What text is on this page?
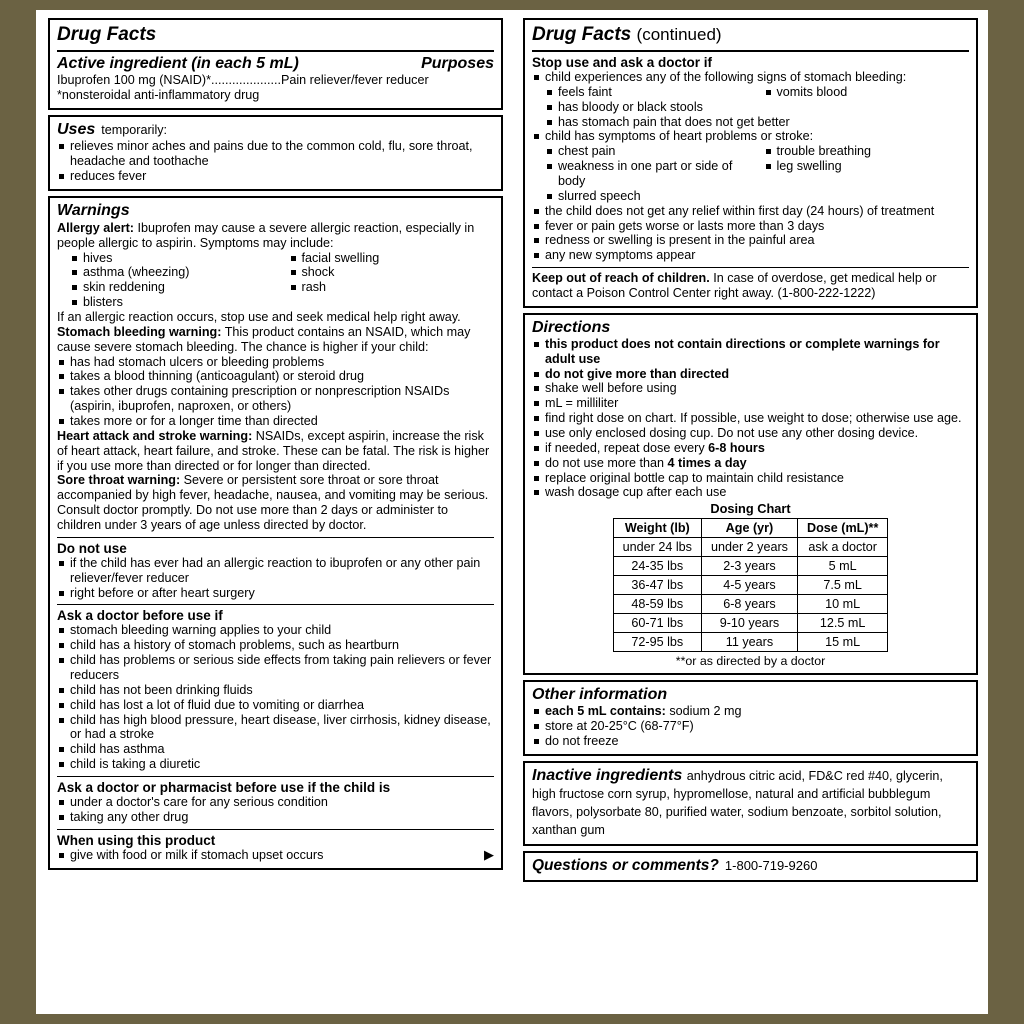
Drug Facts
Active ingredient (in each 5 mL)	Purposes
Ibuprofen 100 mg (NSAID)*....................Pain reliever/fever reducer
*nonsteroidal anti-inflammatory drug
Uses temporarily:
relieves minor aches and pains due to the common cold, flu, sore throat, headache and toothache
reduces fever
Warnings
Allergy alert: Ibuprofen may cause a severe allergic reaction, especially in people allergic to aspirin. Symptoms may include:
hives
asthma (wheezing)
skin reddening
blisters
facial swelling
shock
rash
If an allergic reaction occurs, stop use and seek medical help right away.
Stomach bleeding warning: This product contains an NSAID, which may cause severe stomach bleeding. The chance is higher if your child:
has had stomach ulcers or bleeding problems
takes a blood thinning (anticoagulant) or steroid drug
takes other drugs containing prescription or nonprescription NSAIDs (aspirin, ibuprofen, naproxen, or others)
takes more or for a longer time than directed
Heart attack and stroke warning: NSAIDs, except aspirin, increase the risk of heart attack, heart failure, and stroke. These can be fatal. The risk is higher if you use more than directed or for longer than directed.
Sore throat warning: Severe or persistent sore throat or sore throat accompanied by high fever, headache, nausea, and vomiting may be serious. Consult doctor promptly. Do not use more than 2 days or administer to children under 3 years of age unless directed by doctor.
Do not use
if the child has ever had an allergic reaction to ibuprofen or any other pain reliever/fever reducer
right before or after heart surgery
Ask a doctor before use if
stomach bleeding warning applies to your child
child has a history of stomach problems, such as heartburn
child has problems or serious side effects from taking pain relievers or fever reducers
child has not been drinking fluids
child has lost a lot of fluid due to vomiting or diarrhea
child has high blood pressure, heart disease, liver cirrhosis, kidney disease, or had a stroke
child has asthma
child is taking a diuretic
Ask a doctor or pharmacist before use if the child is
under a doctor's care for any serious condition
taking any other drug
When using this product
give with food or milk if stomach upset occurs	▶
Drug Facts (continued)
Stop use and ask a doctor if
child experiences any of the following signs of stomach bleeding:
feels faint	vomits blood
has bloody or black stools
has stomach pain that does not get better
child has symptoms of heart problems or stroke:
chest pain
weakness in one part or side of body
slurred speech
trouble breathing
leg swelling
the child does not get any relief within first day (24 hours) of treatment
fever or pain gets worse or lasts more than 3 days
redness or swelling is present in the painful area
any new symptoms appear
Keep out of reach of children. In case of overdose, get medical help or contact a Poison Control Center right away. (1-800-222-1222)
Directions
this product does not contain directions or complete warnings for adult use
do not give more than directed
shake well before using
mL = milliliter
find right dose on chart. If possible, use weight to dose; otherwise use age.
use only enclosed dosing cup. Do not use any other dosing device.
if needed, repeat dose every 6-8 hours
do not use more than 4 times a day
replace original bottle cap to maintain child resistance
wash dosage cup after each use
Dosing Chart
Weight (lb)	Age (yr)	Dose (mL)**
under 24 lbs	under 2 years	ask a doctor
24-35 lbs	2-3 years	5 mL
36-47 lbs	4-5 years	7.5 mL
48-59 lbs	6-8 years	10 mL
60-71 lbs	9-10 years	12.5 mL
72-95 lbs	11 years	15 mL
**or as directed by a doctor
Other information
each 5 mL contains: sodium 2 mg
store at 20-25°C (68-77°F)
do not freeze
Inactive ingredients anhydrous citric acid, FD&C red #40, glycerin, high fructose corn syrup, hypromellose, natural and artificial bubblegum flavors, polysorbate 80, purified water, sodium benzoate, sorbitol solution, xanthan gum
Questions or comments? 1-800-719-9260
